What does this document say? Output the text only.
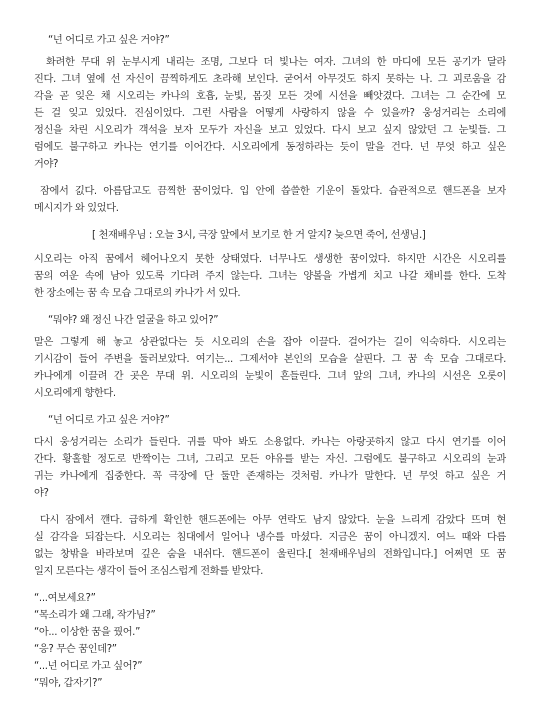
“넌 어디로 가고 싶은 거야?”
화려한 무대 위 눈부시게 내리는 조명, 그보다 더 빛나는 여자. 그녀의 한 마디에 모든 공기가 달라
진다. 그녀 옆에 선 자신이 끔찍하게도 초라해 보인다. 굳어서 아무것도 하지 못하는 나. 그 괴로움을 감
각을 곧 잊은 채 시오리는 카나의 호흡, 눈빛, 몸짓 모든 것에 시선을 빼앗겼다. 그녀는 그 순간에 모
든 걸 잊고 있었다. 진심이었다. 그런 사람을 어떻게 사랑하지 않을 수 있을까? 웅성거리는 소리에
정신을 차린 시오리가 객석을 보자 모두가 자신을 보고 있었다. 다시 보고 싶지 않았던 그 눈빛들. 그
럼에도 불구하고 카나는 연기를 이어간다. 시오리에게 동정하라는 듯이 말을 건다. 넌 무엇 하고 싶은
거야?
잠에서 긼다. 아름답고도 끔찍한 꿈이었다. 입 안에 씁쓸한 기운이 돌았다. 습관적으로 핸드폰을 보자
메시지가 와 있었다.
[ 천재배우님 : 오늘 3시, 극장 앞에서 보기로 한 거 알지? 늦으면 죽어, 선생님.]
시오리는 아직 꿈에서 헤어나오지 못한 상태였다. 너무나도 생생한 꿈이었다. 하지만 시간은 시오리를
꿈의 여운 속에 남아 있도록 기다려 주지 않는다. 그녀는 양볼을 가볍게 치고 나갈 채비를 한다. 도착
한 장소에는 꿈 속 모습 그대로의 카나가 서 있다.
“뭐야? 왜 정신 나간 얼굴을 하고 있어?”
말은 그렇게 해 놓고 상관없다는 듯 시오리의 손을 잡아 이끌다. 걸어가는 길이 익숙하다. 시오리는
기시감이 들어 주변을 둘러보았다. 여기는... 그제서야 본인의 모습을 살핀다. 그 꿈 속 모습 그대로다.
카나에게 이끌려 간 곳은 무대 위. 시오리의 눈빛이 흔들린다. 그녀 앞의 그녀, 카나의 시선은 오롯이
시오리에게 향한다.
“넌 어디로 가고 싶은 거야?”
다시 웅성거리는 소리가 들린다. 귀를 막아 봐도 소용없다. 카나는 아랑곳하지 않고 다시 연기를 이어
간다. 황홀할 정도로 반짝이는 그녀, 그리고 모든 야유를 받는 자신. 그럼에도 불구하고 시오리의 눈과
귀는 카나에게 집중한다. 꼭 극장에 단 둘만 존재하는 것처럼. 카나가 말한다. 넌 무엇 하고 싶은 거
야?
다시 잠에서 깬다. 급하게 확인한 핸드폰에는 아무 연락도 남지 않았다. 눈을 느리게 감았다 뜨며 현
실 감각을 되잡는다. 시오리는 침대에서 일어나 냉수를 마셨다. 지금은 꿈이 아니겠지. 여느 때와 다름
없는 창밖을 바라보며 깊은 숨을 내쉬다. 핸드폰이 울린다.[ 천재배우님의 전화입니다.] 어쩌면 또 꿈
일지 모른다는 생각이 들어 조심스럽게 전화를 받았다.
“...여보세요?”
“목소리가 왜 그래, 작가님?”
“아... 이상한 꿈을 꿨어.”
“응? 무슨 꿈인데?”
“...넌 어디로 가고 싶어?”
“뭐야, 갑자기?”
